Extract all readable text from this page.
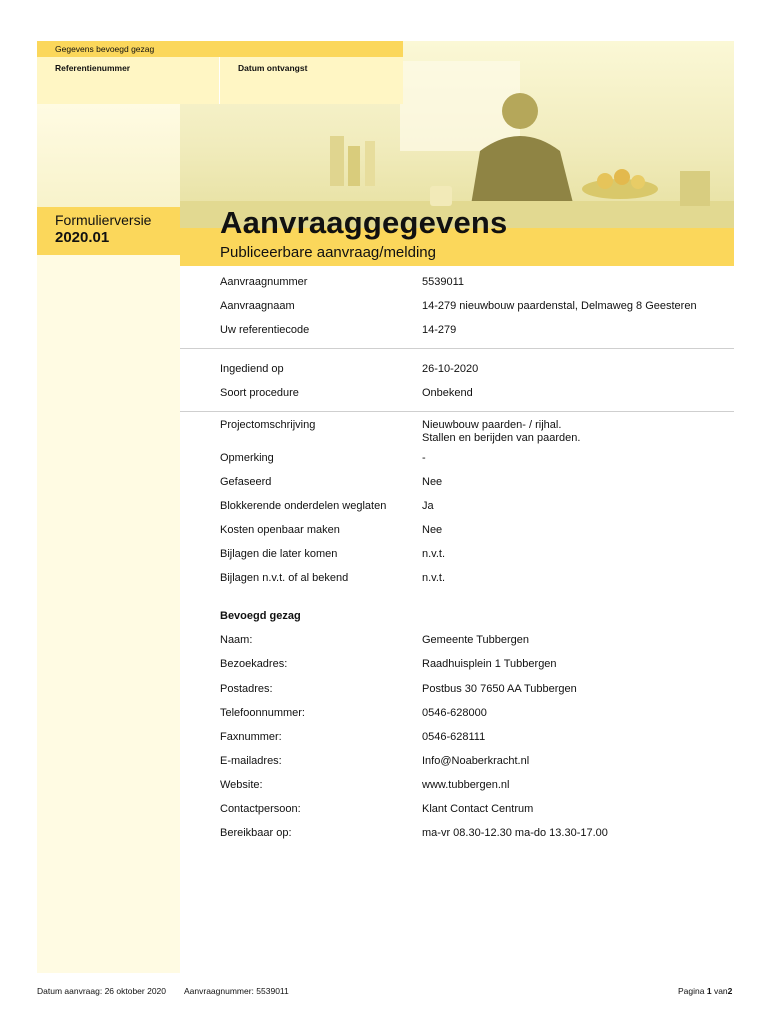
Gegevens bevoegd gezag
Referentienummer	Datum ontvangst
Formulierversie
2020.01
Publiceerbare aanvraag/melding
Aanvraaggegevens
Aanvraagnummer	5539011
Aanvraagnaam	14-279 nieuwbouw paardenstal, Delmaweg 8 Geesteren
Uw referentiecode	14-279
Ingediend op	26-10-2020
Soort procedure	Onbekend
Projectomschrijving	Nieuwbouw paarden- / rijhal.
Stallen en berijden van paarden.
Opmerking	-
Gefaseerd	Nee
Blokkerende onderdelen weglaten	Ja
Kosten openbaar maken	Nee
Bijlagen die later komen	n.v.t.
Bijlagen n.v.t. of al bekend	n.v.t.
Bevoegd gezag
Naam:	Gemeente Tubbergen
Bezoekadres:	Raadhuisplein 1 Tubbergen
Postadres:	Postbus 30 7650 AA Tubbergen
Telefoonnummer:	0546-628000
Faxnummer:	0546-628111
E-mailadres:	Info@Noaberkracht.nl
Website:	www.tubbergen.nl
Contactpersoon:	Klant Contact Centrum
Bereikbaar op:	ma-vr 08.30-12.30 ma-do 13.30-17.00
Datum aanvraag: 26 oktober 2020 Aanvraagnummer: 5539011	Pagina 1 van2
